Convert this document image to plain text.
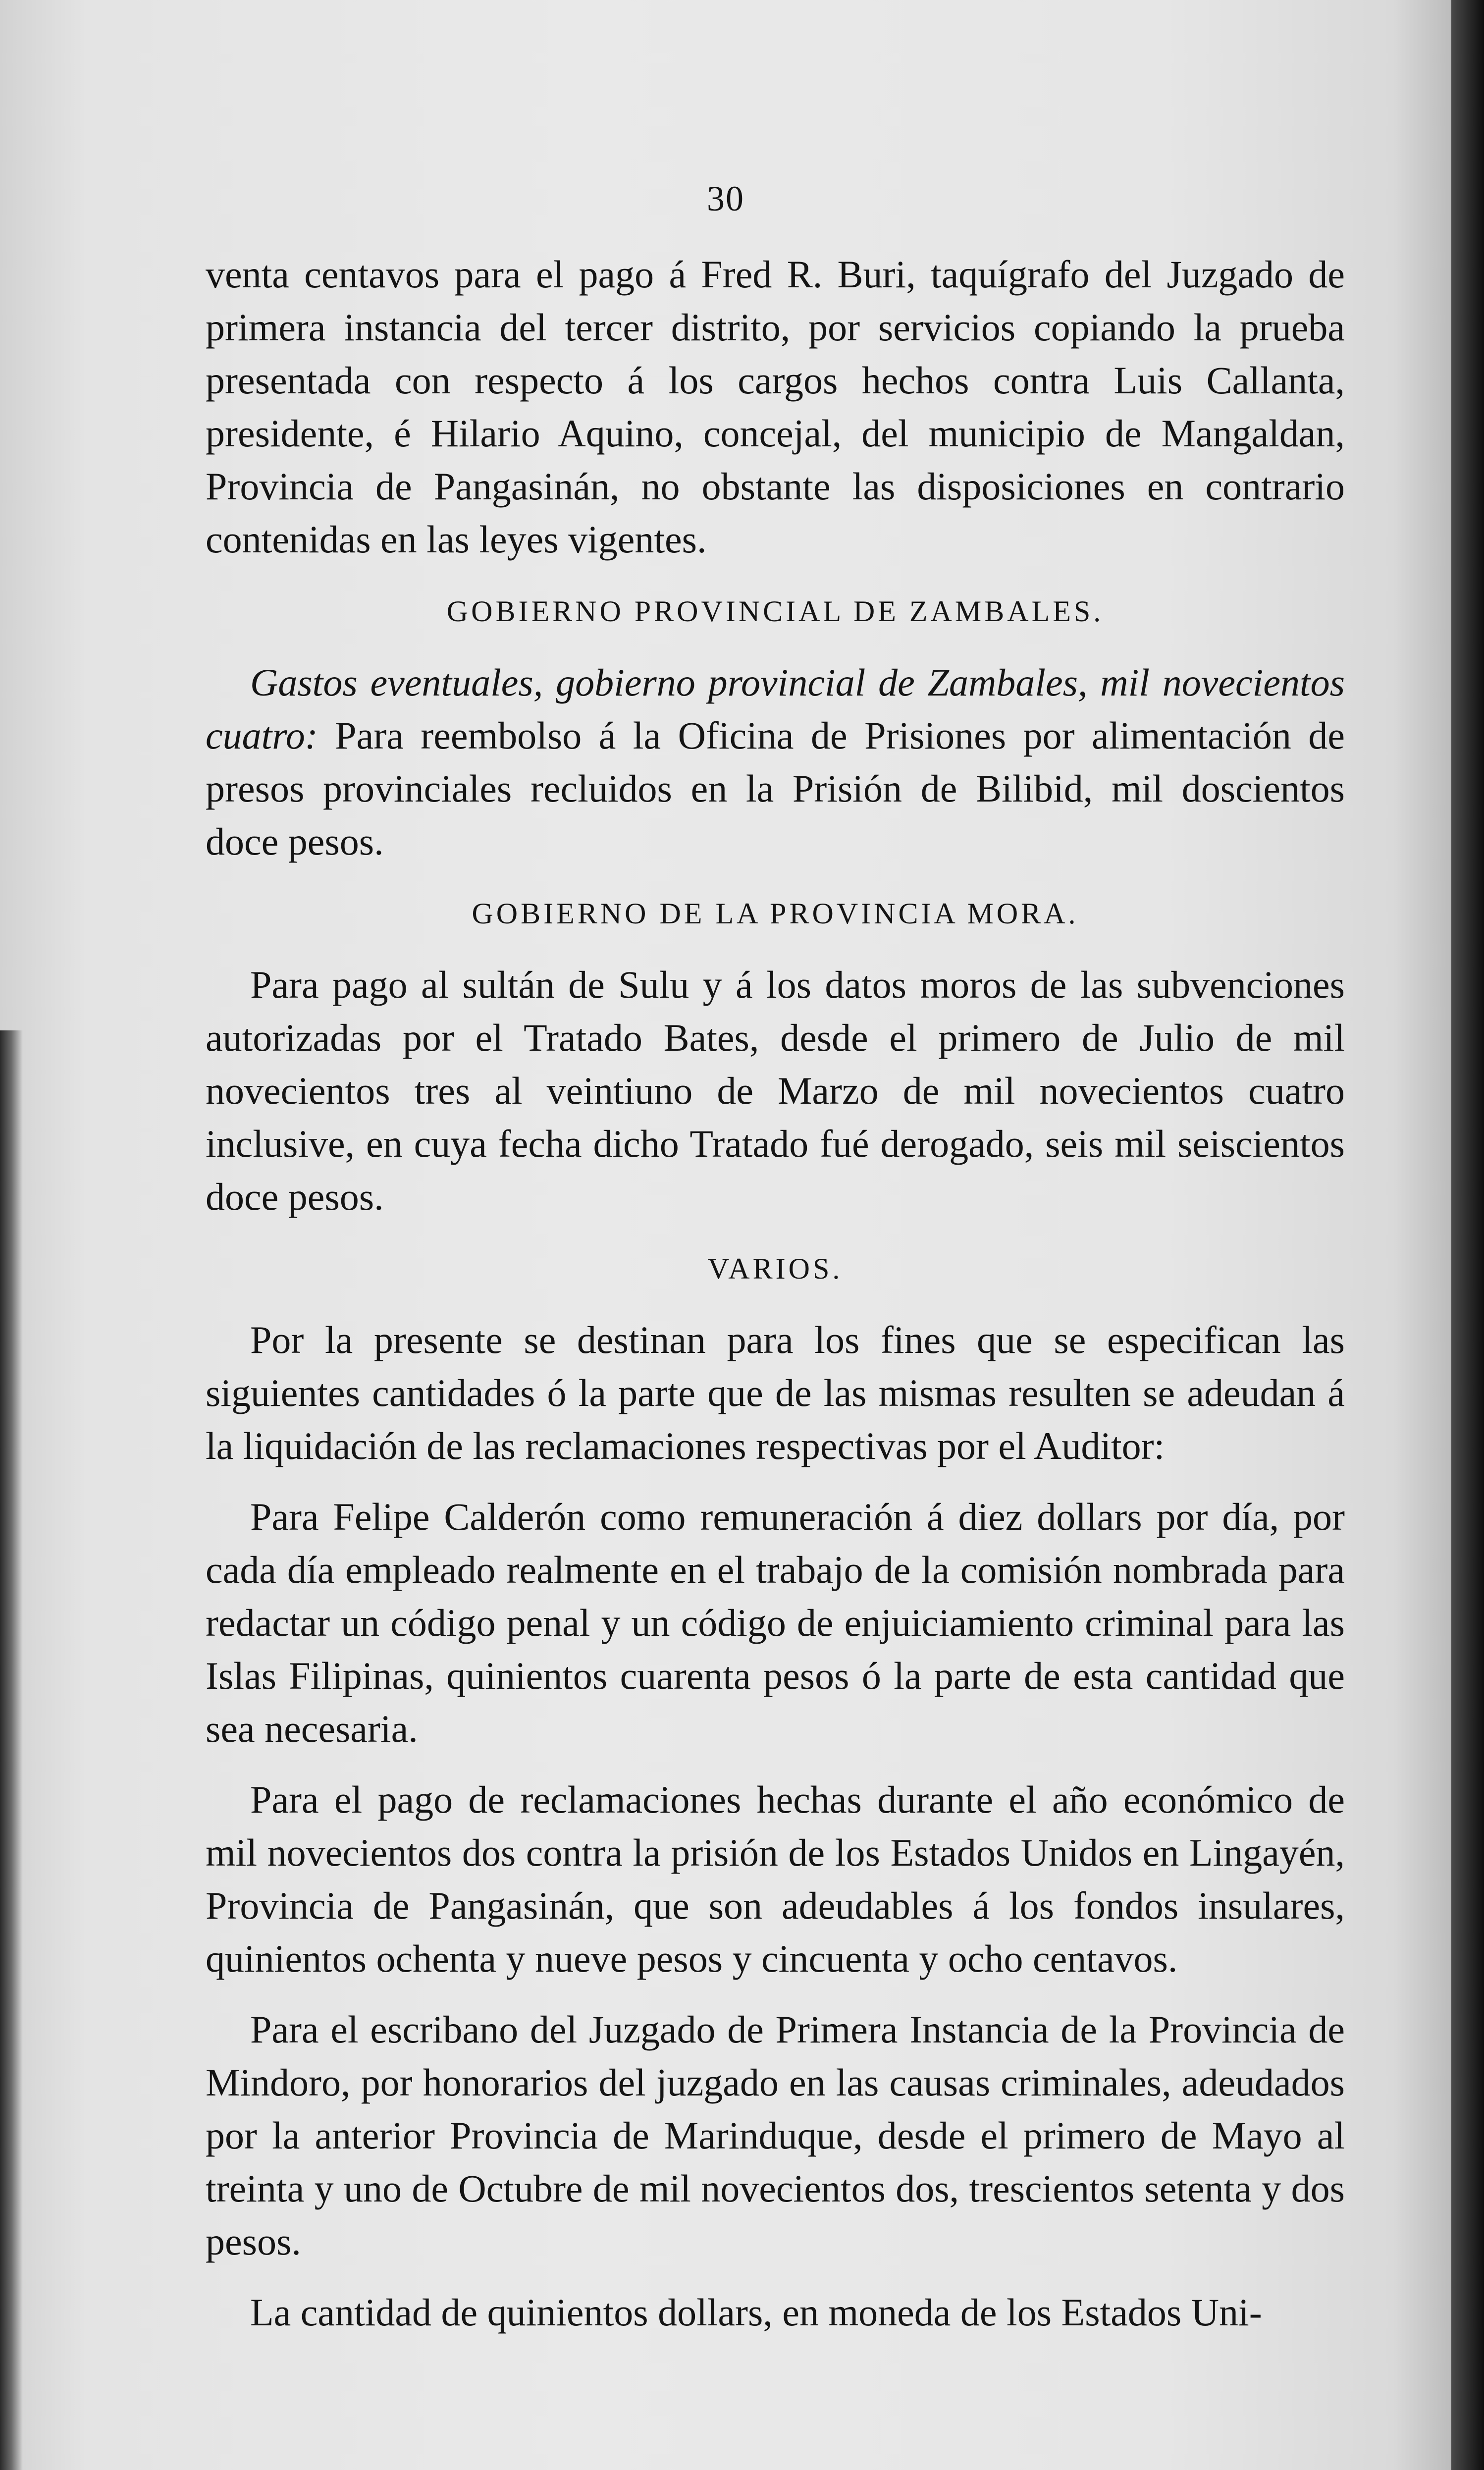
30

venta centavos para el pago á Fred R. Buri, taquígrafo del Juzgado de primera instancia del tercer distrito, por servicios copiando la prueba presentada con respecto á los cargos hechos contra Luis Callanta, presidente, é Hilario Aquino, concejal, del municipio de Mangaldan, Provincia de Pangasinán, no obstante las disposiciones en contrario contenidas en las leyes vigentes.

GOBIERNO PROVINCIAL DE ZAMBALES.

Gastos eventuales, gobierno provincial de Zambales, mil novecientos cuatro: Para reembolso á la Oficina de Prisiones por alimentación de presos provinciales recluidos en la Prisión de Bilibid, mil doscientos doce pesos.

GOBIERNO DE LA PROVINCIA MORA.

Para pago al sultán de Sulu y á los datos moros de las subvenciones autorizadas por el Tratado Bates, desde el primero de Julio de mil novecientos tres al veintiuno de Marzo de mil novecientos cuatro inclusive, en cuya fecha dicho Tratado fué derogado, seis mil seiscientos doce pesos.

VARIOS.

Por la presente se destinan para los fines que se especifican las siguientes cantidades ó la parte que de las mismas resulten se adeudan á la liquidación de las reclamaciones respectivas por el Auditor:

Para Felipe Calderón como remuneración á diez dollars por día, por cada día empleado realmente en el trabajo de la comisión nombrada para redactar un código penal y un código de enjuiciamiento criminal para las Islas Filipinas, quinientos cuarenta pesos ó la parte de esta cantidad que sea necesaria.

Para el pago de reclamaciones hechas durante el año económico de mil novecientos dos contra la prisión de los Estados Unidos en Lingayén, Provincia de Pangasinán, que son adeudables á los fondos insulares, quinientos ochenta y nueve pesos y cincuenta y ocho centavos.

Para el escribano del Juzgado de Primera Instancia de la Provincia de Mindoro, por honorarios del juzgado en las causas criminales, adeudados por la anterior Provincia de Marinduque, desde el primero de Mayo al treinta y uno de Octubre de mil novecientos dos, trescientos setenta y dos pesos.

La cantidad de quinientos dollars, en moneda de los Estados Uni-
